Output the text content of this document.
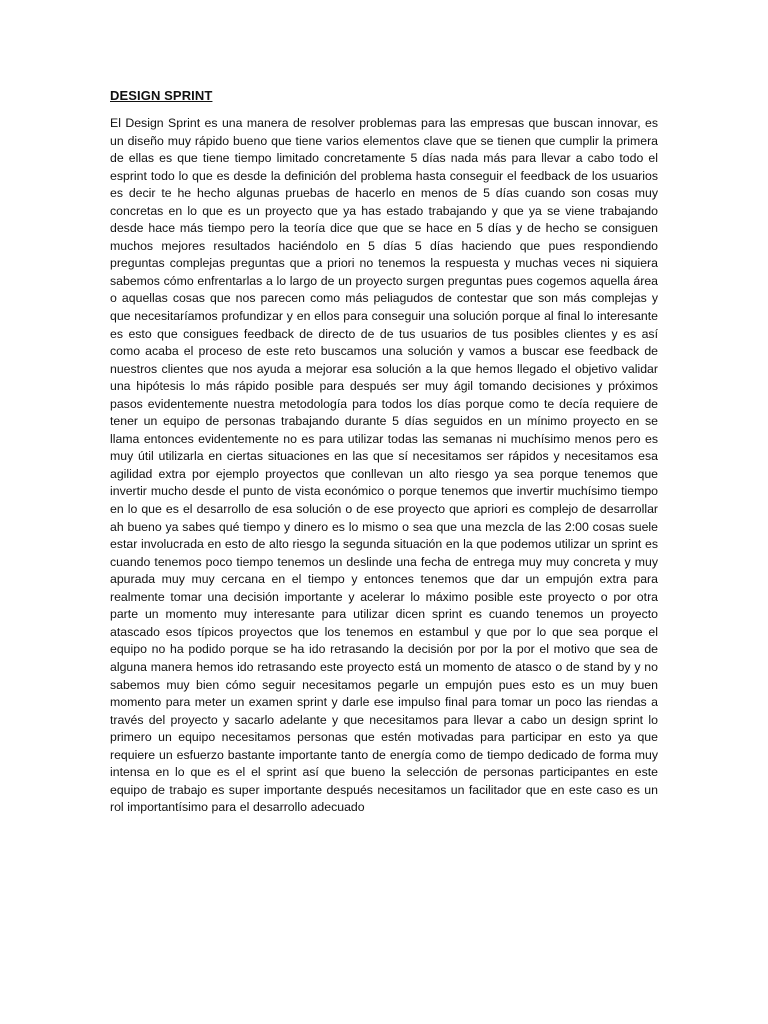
DESIGN SPRINT

El Design Sprint es una manera de resolver problemas para las empresas que buscan innovar, es un diseño muy rápido bueno que tiene varios elementos clave que se tienen que cumplir la primera de ellas es que tiene tiempo limitado concretamente 5 días nada más para llevar a cabo todo el esprint todo lo que es desde la definición del problema hasta conseguir el feedback de los usuarios es decir te he hecho algunas pruebas de hacerlo en menos de 5 días cuando son cosas muy concretas en lo que es un proyecto que ya has estado trabajando y que ya se viene trabajando desde hace más tiempo pero la teoría dice que que se hace en 5 días y de hecho se consiguen muchos mejores resultados haciéndolo en 5 días 5 días haciendo que pues respondiendo preguntas complejas preguntas que a priori no tenemos la respuesta y muchas veces ni siquiera sabemos cómo enfrentarlas a lo largo de un proyecto surgen preguntas pues cogemos aquella área o aquellas cosas que nos parecen como más peliagudos de contestar que son más complejas y que necesitaríamos profundizar y en ellos para conseguir una solución porque al final lo interesante es esto que consigues feedback de directo de de tus usuarios de tus posibles clientes y es así como acaba el proceso de este reto buscamos una solución y vamos a buscar ese feedback de nuestros clientes que nos ayuda a mejorar esa solución a la que hemos llegado el objetivo validar una hipótesis lo más rápido posible para después ser muy ágil tomando decisiones y próximos pasos evidentemente nuestra metodología para todos los días porque como te decía requiere de tener un equipo de personas trabajando durante 5 días seguidos en un mínimo proyecto en se llama entonces evidentemente no es para utilizar todas las semanas ni muchísimo menos pero es muy útil utilizarla en ciertas situaciones en las que sí necesitamos ser rápidos y necesitamos esa agilidad extra por ejemplo proyectos que conllevan un alto riesgo ya sea porque tenemos que invertir mucho desde el punto de vista económico o porque tenemos que invertir muchísimo tiempo en lo que es el desarrollo de esa solución o de ese proyecto que apriori es complejo de desarrollar ah bueno ya sabes qué tiempo y dinero es lo mismo o sea que una mezcla de las 2:00 cosas suele estar involucrada en esto de alto riesgo la segunda situación en la que podemos utilizar un sprint es cuando tenemos poco tiempo tenemos un deslinde una fecha de entrega muy muy concreta y muy apurada muy muy cercana en el tiempo y entonces tenemos que dar un empujón extra para realmente tomar una decisión importante y acelerar lo máximo posible este proyecto o por otra parte un momento muy interesante para utilizar dicen sprint es cuando tenemos un proyecto atascado esos típicos proyectos que los tenemos en estambul y que por lo que sea porque el equipo no ha podido porque se ha ido retrasando la decisión por por la por el motivo que sea de alguna manera hemos ido retrasando este proyecto está un momento de atasco o de stand by y no sabemos muy bien cómo seguir necesitamos pegarle un empujón pues esto es un muy buen momento para meter un examen sprint y darle ese impulso final para tomar un poco las riendas a través del proyecto y sacarlo adelante y que necesitamos para llevar a cabo un design sprint lo primero un equipo necesitamos personas que estén motivadas para participar en esto ya que requiere un esfuerzo bastante importante tanto de energía como de tiempo dedicado de forma muy intensa en lo que es el el sprint así que bueno la selección de personas participantes en este equipo de trabajo es super importante después necesitamos un facilitador que en este caso es un rol importantísimo para el desarrollo adecuado
